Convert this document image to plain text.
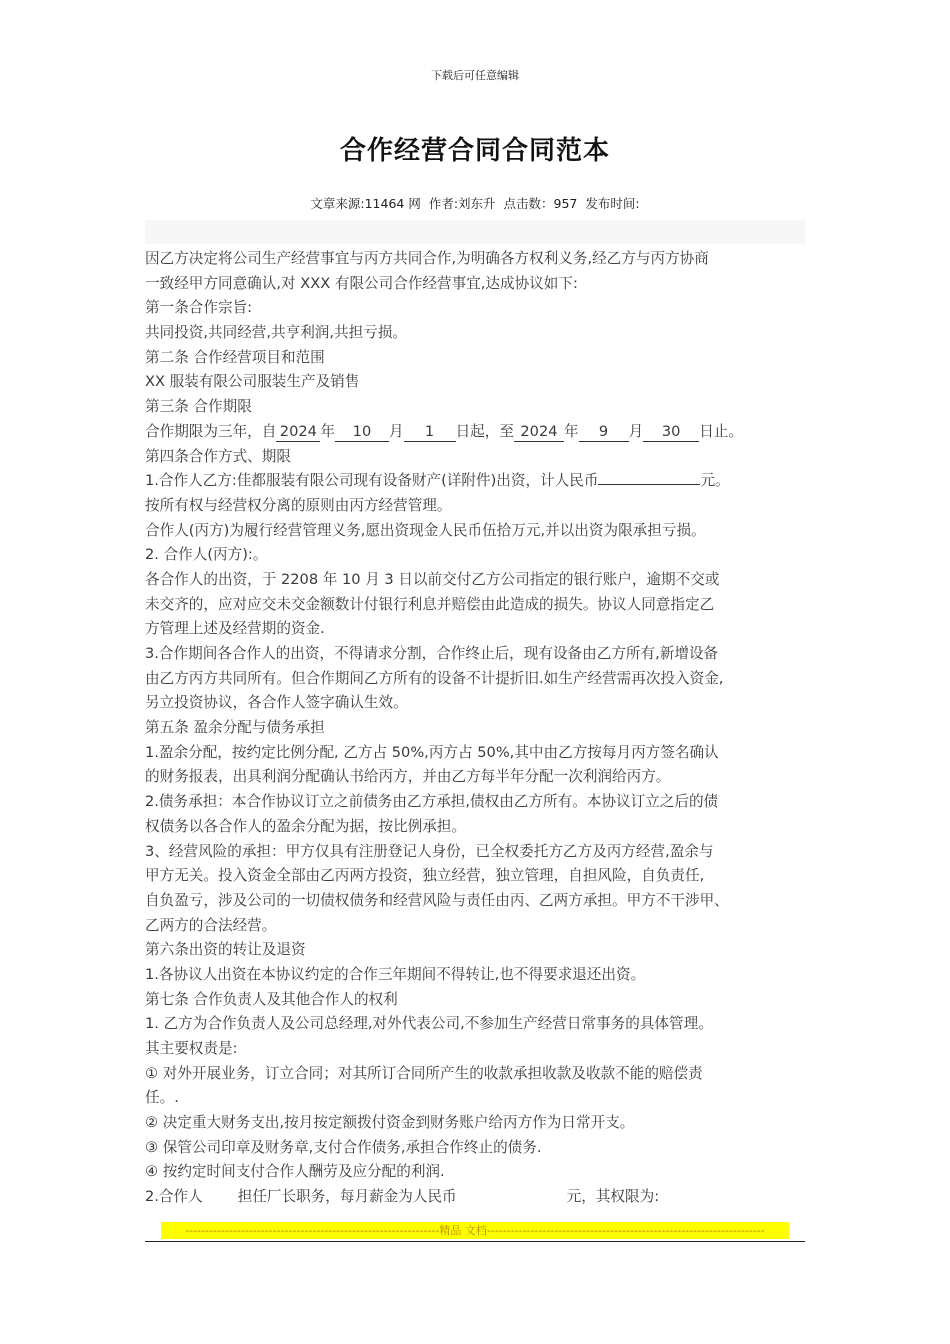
下载后可任意编辑
合作经营合同合同范本
文章来源:11464 网 作者:刘东升 点击数：957 发布时间:
因乙方决定将公司生产经营事宜与丙方共同合作,为明确各方权利义务,经乙方与丙方协商
一致经甲方同意确认,对 XXX 有限公司合作经营事宜,达成协议如下:
第一条合作宗旨:
共同投资,共同经营,共亨利润,共担亏损。
第二条 合作经营项目和范围
XX 服装有限公司服装生产及销售
第三条 合作期限
合作期限为三年，自 2024 年 10 月 1 日起，至 2024 年 9 月 30 日止。
第四条合作方式、期限
1.合作人乙方:佳都服装有限公司现有设备财产(详附件)出资，计人民币	元。
按所有权与经营权分离的原则由丙方经营管理。
合作人(丙方)为履行经营管理义务,愿出资现金人民币伍拾万元,并以出资为限承担亏损。
2. 合作人(丙方):。
各合作人的出资，于 2208 年 10 月 3 日以前交付乙方公司指定的银行账户，逾期不交或
未交齐的，应对应交未交金额数计付银行利息并赔偿由此造成的损失。协议人同意指定乙
方管理上述及经营期的资金.
3.合作期间各合作人的出资，不得请求分割，合作终止后，现有设备由乙方所有,新增设备
由乙方丙方共同所有。但合作期间乙方所有的设备不计提折旧.如生产经营需再次投入资金,
另立投资协议，各合作人签字确认生效。
第五条 盈余分配与债务承担
1.盈余分配，按约定比例分配, 乙方占 50%,丙方占 50%,其中由乙方按每月丙方签名确认
的财务报表，出具利润分配确认书给丙方，并由乙方每半年分配一次利润给丙方。
2.债务承担：本合作协议订立之前债务由乙方承担,债权由乙方所有。本协议订立之后的债
权债务以各合作人的盈余分配为据，按比例承担。
3、经营风险的承担：甲方仅具有注册登记人身份，已全权委托方乙方及丙方经营,盈余与
甲方无关。投入资金全部由乙丙两方投资，独立经营，独立管理，自担风险，自负责任,
自负盈亏，涉及公司的一切债权债务和经营风险与责任由丙、乙两方承担。甲方不干涉甲、
乙两方的合法经营。
第六条出资的转让及退资
1.各协议人出资在本协议约定的合作三年期间不得转让,也不得要求退还出资。
第七条 合作负责人及其他合作人的权利
1. 乙方为合作负责人及公司总经理,对外代表公司,不参加生产经营日常事务的具体管理。
其主要权责是:
① 对外开展业务，订立合同；对其所订合同所产生的收款承担收款及收款不能的赔偿责
任。.
② 决定重大财务支出,按月按定额拨付资金到财务账户给丙方作为日常开支。
③ 保管公司印章及财务章,支付合作债务,承担合作终止的债务.
④ 按约定时间支付合作人酬劳及应分配的利润.
2.合作人 担任厂长职务，每月薪金为人民币	元，其权限为:
----------------------------------------------------------------精品 文档----------------------------------------------------------------------
